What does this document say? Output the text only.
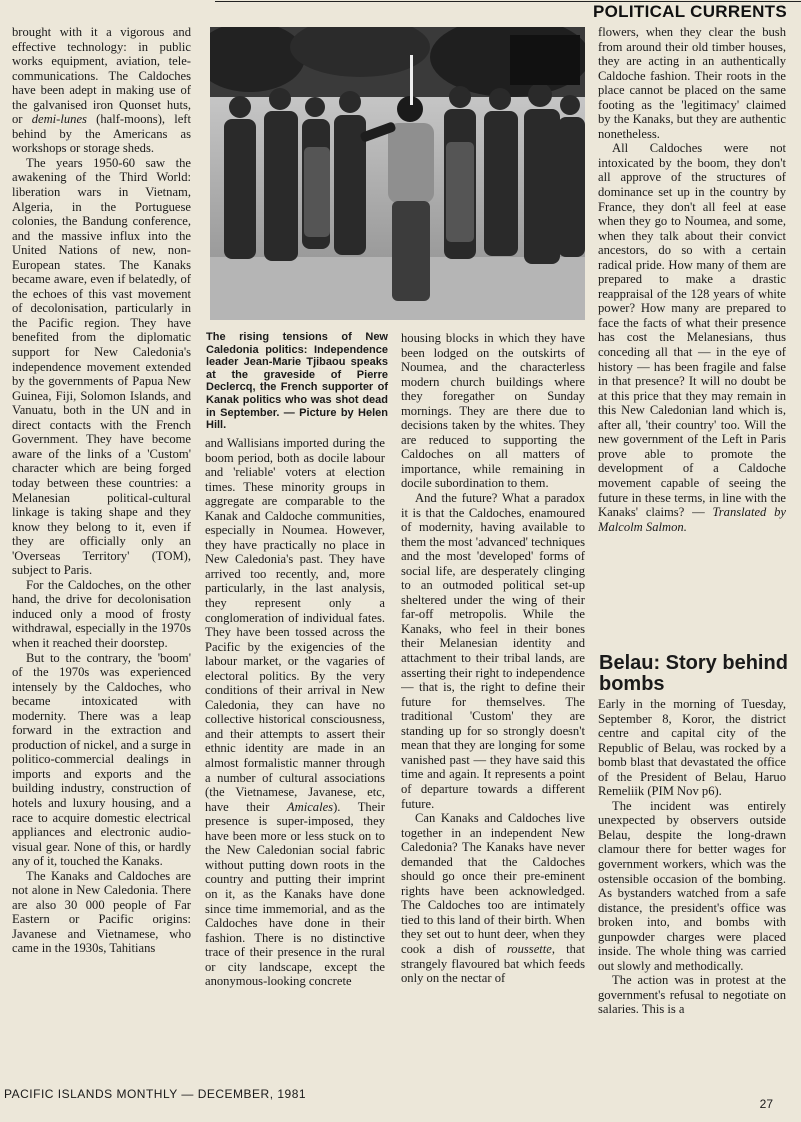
POLITICAL CURRENTS

brought with it a vigorous and effective technology: in public works equipment, aviation, tele-communications. The Caldoches have been adept in making use of the galvanised iron Quonset huts, or demi-lunes (half-moons), left behind by the Americans as workshops or storage sheds.

The years 1950-60 saw the awakening of the Third World: liberation wars in Vietnam, Algeria, in the Portuguese colonies, the Bandung conference, and the massive influx into the United Nations of new, non-European states. The Kanaks became aware, even if belatedly, of the echoes of this vast movement of decolonisation, particularly in the Pacific region. They have benefited from the diplomatic support for New Caledonia's independence movement extended by the governments of Papua New Guinea, Fiji, Solomon Islands, and Vanuatu, both in the UN and in direct contacts with the French Government. They have become aware of the links of a 'Custom' character which are being forged today between these countries: a Melanesian political-cultural linkage is taking shape and they know they belong to it, even if they are officially only an 'Overseas Territory' (TOM), subject to Paris.

For the Caldoches, on the other hand, the drive for decolonisation induced only a mood of frosty withdrawal, especially in the 1970s when it reached their doorstep.

But to the contrary, the 'boom' of the 1970s was experienced intensely by the Caldoches, who became intoxicated with modernity. There was a leap forward in the extraction and production of nickel, and a surge in politico-commercial dealings in imports and exports and the building industry, construction of hotels and luxury housing, and a race to acquire domestic electrical appliances and electronic audio-visual gear. None of this, or hardly any of it, touched the Kanaks.

The Kanaks and Caldoches are not alone in New Caledonia. There are also 30 000 people of Far Eastern or Pacific origins: Javanese and Vietnamese, who came in the 1930s, Tahitians

The rising tensions of New Caledonia politics: Independence leader Jean-Marie Tjibaou speaks at the graveside of Pierre Declercq, the French supporter of Kanak politics who was shot dead in September. — Picture by Helen Hill.

and Wallisians imported during the boom period, both as docile labour and 'reliable' voters at election times. These minority groups in aggregate are comparable to the Kanak and Caldoche communities, especially in Noumea. However, they have practically no place in New Caledonia's past. They have arrived too recently, and, more particularly, in the last analysis, they represent only a conglomeration of individual fates. They have been tossed across the Pacific by the exigencies of the labour market, or the vagaries of electoral politics. By the very conditions of their arrival in New Caledonia, they can have no collective historical consciousness, and their attempts to assert their ethnic identity are made in an almost formalistic manner through a number of cultural associations (the Vietnamese, Javanese, etc, have their Amicales). Their presence is super-imposed, they have been more or less stuck on to the New Caledonian social fabric without putting down roots in the country and putting their imprint on it, as the Kanaks have done since time immemorial, and as the Caldoches have done in their fashion. There is no distinctive trace of their presence in the rural or city landscape, except the anonymous-looking concrete

housing blocks in which they have been lodged on the outskirts of Noumea, and the characterless modern church buildings where they foregather on Sunday mornings. They are there due to decisions taken by the whites. They are reduced to supporting the Caldoches on all matters of importance, while remaining in docile subordination to them.

And the future? What a paradox it is that the Caldoches, enamoured of modernity, having available to them the most 'advanced' techniques and the most 'developed' forms of social life, are desperately clinging to an outmoded political set-up sheltered under the wing of their far-off metropolis. While the Kanaks, who feel in their bones their Melanesian identity and attachment to their tribal lands, are asserting their right to independence — that is, the right to define their future for themselves. The traditional 'Custom' they are standing up for so strongly doesn't mean that they are longing for some vanished past — they have said this time and again. It represents a point of departure towards a different future.

Can Kanaks and Caldoches live together in an independent New Caledonia? The Kanaks have never demanded that the Caldoches should go once their pre-eminent rights have been acknowledged. The Caldoches too are intimately tied to this land of their birth. When they set out to hunt deer, when they cook a dish of roussette, that strangely flavoured bat which feeds only on the nectar of

flowers, when they clear the bush from around their old timber houses, they are acting in an authentically Caldoche fashion. Their roots in the place cannot be placed on the same footing as the 'legitimacy' claimed by the Kanaks, but they are authentic nonetheless.

All Caldoches were not intoxicated by the boom, they don't all approve of the structures of dominance set up in the country by France, they don't all feel at ease when they go to Noumea, and some, when they talk about their convict ancestors, do so with a certain radical pride. How many of them are prepared to make a drastic reappraisal of the 128 years of white power? How many are prepared to face the facts of what their presence has cost the Melanesians, thus conceding all that — in the eye of history — has been fragile and false in that presence? It will no doubt be at this price that they may remain in this New Caledonian land which is, after all, 'their country' too. Will the new government of the Left in Paris prove able to promote the development of a Caldoche movement capable of seeing the future in these terms, in line with the Kanaks' claims? — Translated by Malcolm Salmon.

Belau: Story behind bombs

Early in the morning of Tuesday, September 8, Koror, the district centre and capital city of the Republic of Belau, was rocked by a bomb blast that devastated the office of the President of Belau, Haruo Remeliik (PIM Nov p6).

The incident was entirely unexpected by observers outside Belau, despite the long-drawn clamour there for better wages for government workers, which was the ostensible occasion of the bombing. As bystanders watched from a safe distance, the president's office was broken into, and bombs with gunpowder charges were placed inside. The whole thing was carried out slowly and methodically.

The action was in protest at the government's refusal to negotiate on salaries. This is a

PACIFIC ISLANDS MONTHLY — DECEMBER, 1981
27
